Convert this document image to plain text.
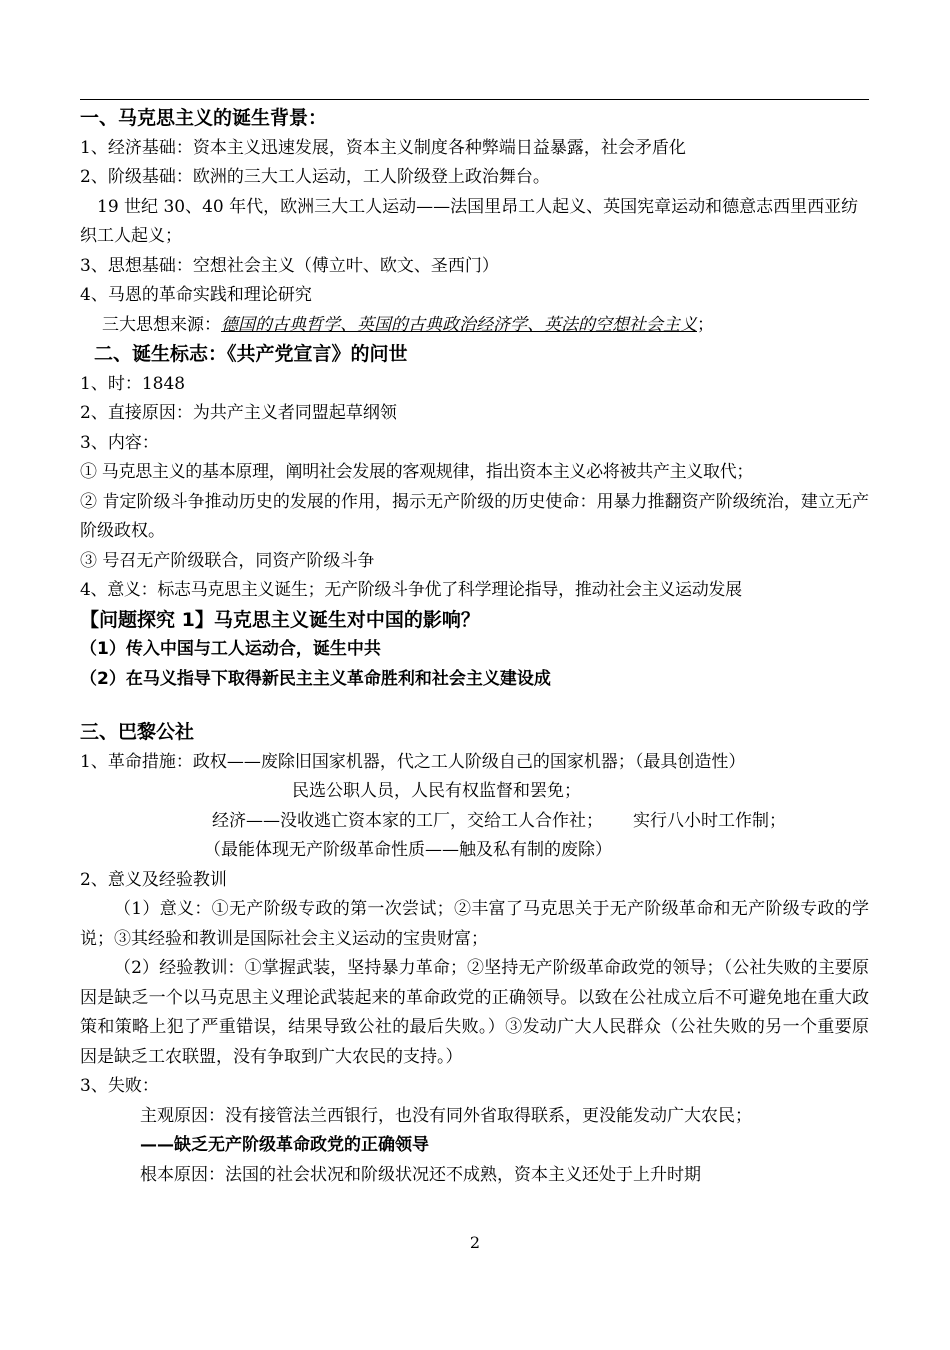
一、马克思主义的诞生背景：
1、经济基础：资本主义迅速发展，资本主义制度各种弊端日益暴露，社会矛盾化
2、阶级基础：欧洲的三大工人运动，工人阶级登上政治舞台。
19 世纪 30、40 年代，欧洲三大工人运动——法国里昂工人起义、英国宪章运动和德意志西里西亚纺织工人起义；
3、思想基础：空想社会主义（傅立叶、欧文、圣西门）
4、马恩的革命实践和理论研究
三大思想来源：德国的古典哲学、英国的古典政治经济学、英法的空想社会主义；
二、诞生标志：《共产党宣言》的问世
1、时：1848
2、直接原因：为共产主义者同盟起草纲领
3、内容：
① 马克思主义的基本原理，阐明社会发展的客观规律，指出资本主义必将被共产主义取代；
② 肯定阶级斗争推动历史的发展的作用，揭示无产阶级的历史使命：用暴力推翻资产阶级统治，建立无产阶级政权。
③ 号召无产阶级联合，同资产阶级斗争
4、意义：标志马克思主义诞生；无产阶级斗争优了科学理论指导，推动社会主义运动发展
【问题探究 1】马克思主义诞生对中国的影响？
（1）传入中国与工人运动合，诞生中共
（2）在马义指导下取得新民主主义革命胜利和社会主义建设成
三、巴黎公社
1、革命措施：政权——废除旧国家机器，代之工人阶级自己的国家机器；（最具创造性）
民选公职人员，人民有权监督和罢免；
经济——没收逃亡资本家的工厂，交给工人合作社； 实行八小时工作制；
（最能体现无产阶级革命性质——触及私有制的废除）
2、意义及经验教训
（1）意义：①无产阶级专政的第一次尝试；②丰富了马克思关于无产阶级革命和无产阶级专政的学说；③其经验和教训是国际社会主义运动的宝贵财富；
（2）经验教训：①掌握武装，坚持暴力革命；②坚持无产阶级革命政党的领导；（公社失败的主要原因是缺乏一个以马克思主义理论武装起来的革命政党的正确领导。以致在公社成立后不可避免地在重大政策和策略上犯了严重错误，结果导致公社的最后失败。）③发动广大人民群众（公社失败的另一个重要原因是缺乏工农联盟，没有争取到广大农民的支持。）
3、失败：
主观原因：没有接管法兰西银行，也没有同外省取得联系，更没能发动广大农民；
——缺乏无产阶级革命政党的正确领导
根本原因：法国的社会状况和阶级状况还不成熟，资本主义还处于上升时期
2
